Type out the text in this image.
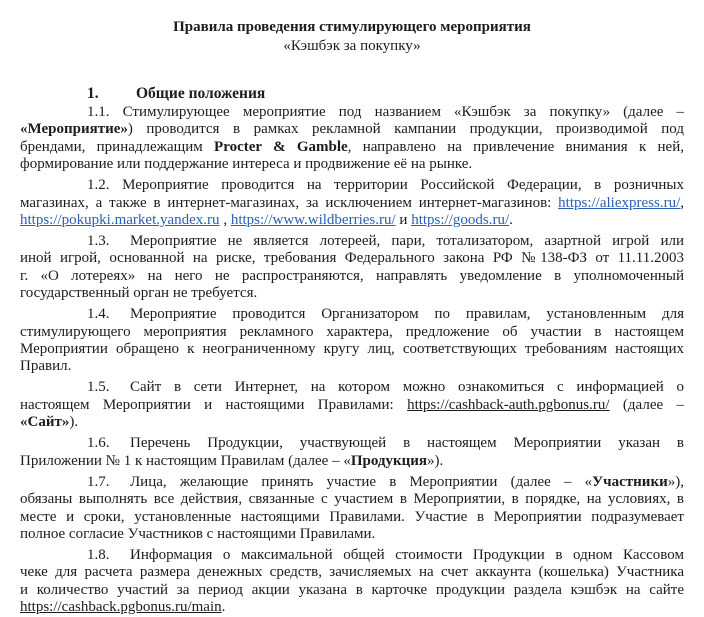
Правила проведения стимулирующего мероприятия
«Кэшбэк за покупку»
1. Общие положения
1.1. Стимулирующее мероприятие под названием «Кэшбэк за покупку» (далее –
«Мероприятие») проводится в рамках рекламной кампании продукции, производимой под
брендами, принадлежащим Procter & Gamble, направлено на привлечение внимания к ней,
формирование или поддержание интереса и продвижение её на рынке.
1.2. Мероприятие проводится на территории Российской Федерации, в розничных
магазинах, а также в интернет-магазинах, за исключением интернет-магазинов: https://aliexpress.ru/,
https://pokupki.market.yandex.ru , https://www.wildberries.ru/ и https://goods.ru/.
1.3. Мероприятие не является лотереей, пари, тотализатором, азартной игрой или
иной игрой, основанной на риске, требования Федерального закона РФ №138-ФЗ от 11.11.2003
г. «О лотереях» на него не распространяются, направлять уведомление в уполномоченный
государственный орган не требуется.
1.4. Мероприятие проводится Организатором по правилам, установленным для
стимулирующего мероприятия рекламного характера, предложение об участии в настоящем
Мероприятии обращено к неограниченному кругу лиц, соответствующих требованиям настоящих
Правил.
1.5. Сайт в сети Интернет, на котором можно ознакомиться с информацией о
настоящем Мероприятии и настоящими Правилами: https://cashback-auth.pgbonus.ru/ (далее –
«Сайт»).
1.6. Перечень Продукции, участвующей в настоящем Мероприятии указан в
Приложении № 1 к настоящим Правилам (далее – «Продукция»).
1.7. Лица, желающие принять участие в Мероприятии (далее – «Участники»),
обязаны выполнять все действия, связанные с участием в Мероприятии, в порядке, на условиях, в
месте и сроки, установленные настоящими Правилами. Участие в Мероприятии подразумевает
полное согласие Участников с настоящими Правилами.
1.8. Информация о максимальной общей стоимости Продукции в одном Кассовом
чеке для расчета размера денежных средств, зачисляемых на счет аккаунта (кошелька) Участника
и количество участий за период акции указана в карточке продукции раздела кэшбэк на сайте
https://cashback.pgbonus.ru/main.
